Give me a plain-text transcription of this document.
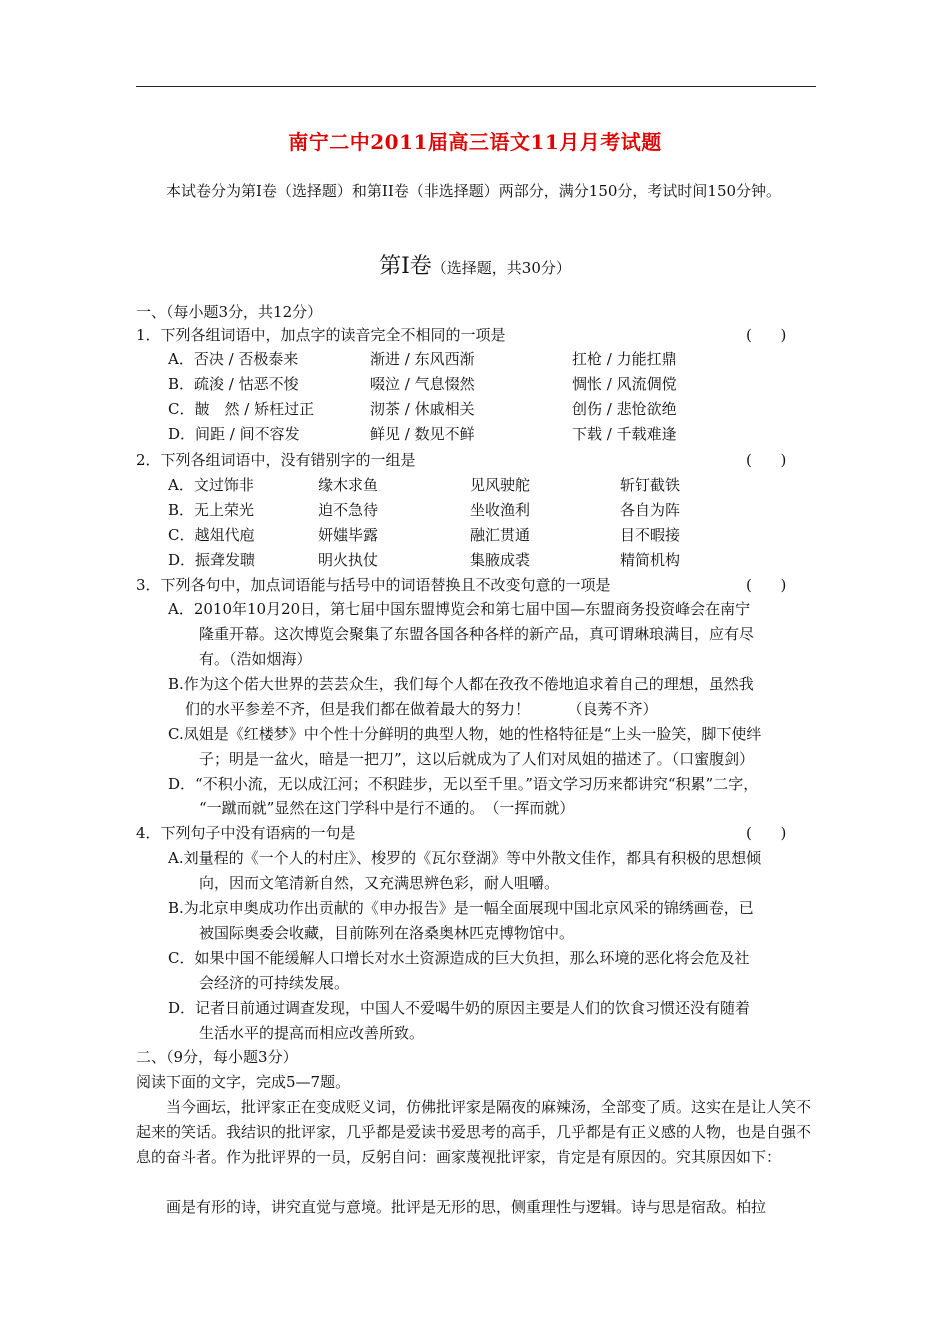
南宁二中2011届高三语文11月月考试题
本试卷分为第I卷（选择题）和第II卷（非选择题）两部分，满分150分，考试时间150分钟。
第Ⅰ卷（选择题，共30分）
一、（每小题3分，共12分）
1．下列各组词语中，加点字的读音完全不相同的一项是	(      )
A．否决 / 否极泰来	渐进 / 东风西渐	扛枪 / 力能扛鼎
B．疏浚 / 怙恶不悛	啜泣 / 气息惙然	惆怅 / 风流倜傥
C．皵　然 / 矫枉过正	沏茶 / 休戚相关	创伤 / 悲怆欲绝
D．间距 / 间不容发	鲜见 / 数见不鲜	下载 / 千载难逢
2．下列各组词语中，没有错别字的一组是	(      )
A．文过饰非	缘木求鱼	见风驶舵	斩钉截铁
B．无上荣光	迫不急待	坐收渔利	各自为阵
C．越俎代庖	妍媸毕露	融汇贯通	目不暇接
D．振聋发聩	明火执仗	集腋成裘	精简机构
3．下列各句中，加点词语能与括号中的词语替换且不改变句意的一项是	(      )
A．2010年10月20日，第七届中国东盟博览会和第七届中国—东盟商务投资峰会在南宁
隆重开幕。这次博览会聚集了东盟各国各种各样的新产品，真可谓琳琅满目，应有尽
有。（浩如烟海）
B.作为这个偌大世界的芸芸众生，我们每个人都在孜孜不倦地追求着自己的理想，虽然我
们的水平参差不齐，但是我们都在做着最大的努力！　　　（良莠不齐）
C.凤姐是《红楼梦》中个性十分鲜明的典型人物，她的性格特征是“上头一脸笑，脚下使绊
子；明是一盆火，暗是一把刀”，这以后就成为了人们对凤姐的描述了。（口蜜腹剑）
D．“不积小流，无以成江河；不积跬步，无以至千里。”语文学习历来都讲究“积累”二字，
“一蹴而就”显然在这门学科中是行不通的。　（一挥而就）
4．下列句子中没有语病的一句是	(      )
A.刘量程的《一个人的村庄》、梭罗的《瓦尔登湖》等中外散文佳作，都具有积极的思想倾
向，因而文笔清新自然，又充满思辨色彩，耐人咀嚼。
B.为北京申奥成功作出贡献的《申办报告》是一幅全面展现中国北京风采的锦绣画卷，已
被国际奥委会收藏，目前陈列在洛桑奥林匹克博物馆中。
C．如果中国不能缓解人口增长对水土资源造成的巨大负担，那么环境的恶化将会危及社
会经济的可持续发展。
D．记者日前通过调查发现，中国人不爱喝牛奶的原因主要是人们的饮食习惯还没有随着
生活水平的提高而相应改善所致。
二、（9分，每小题3分）
阅读下面的文字，完成5—7题。
当今画坛，批评家正在变成贬义词，仿佛批评家是隔夜的麻辣汤，全部变了质。这实在是让人笑不起来的笑话。我结识的批评家，几乎都是爱读书爱思考的高手，几乎都是有正义感的人物，也是自强不息的奋斗者。作为批评界的一员，反躬自问：画家蔑视批评家，肯定是有原因的。究其原因如下：
画是有形的诗，讲究直觉与意境。批评是无形的思，侧重理性与逻辑。诗与思是宿敌。柏拉
